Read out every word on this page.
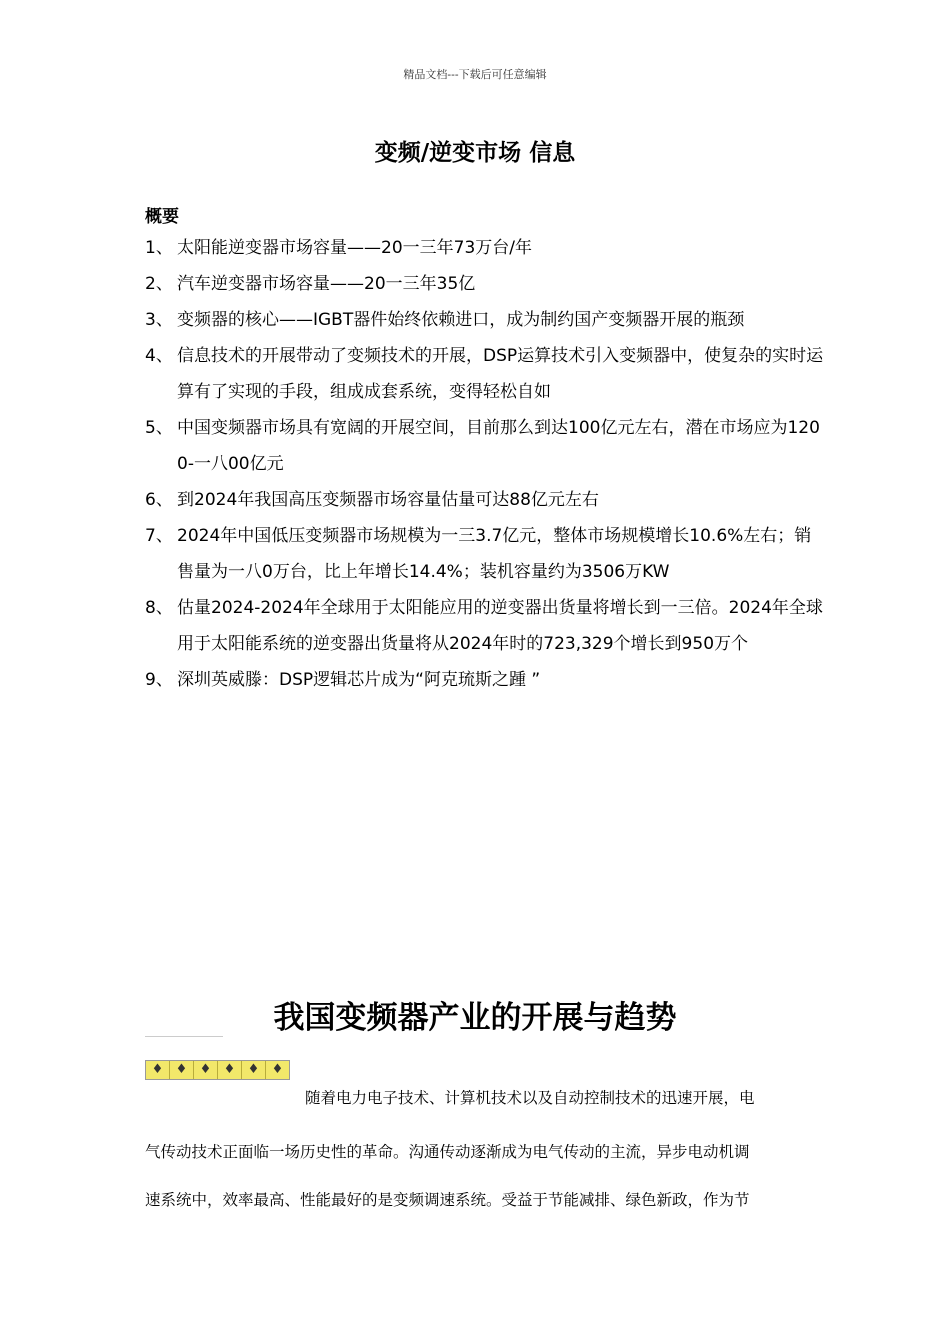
精品文档---下载后可任意编辑
变频/逆变市场 信息
概要
1、 太阳能逆变器市场容量——20一三年73万台/年
2、 汽车逆变器市场容量——20一三年35亿
3、 变频器的核心——IGBT器件始终依赖进口，成为制约国产变频器开展的瓶颈
4、 信息技术的开展带动了变频技术的开展，DSP运算技术引入变频器中，使复杂的实时运算有了实现的手段，组成成套系统，变得轻松自如
5、 中国变频器市场具有宽阔的开展空间，目前那么到达100亿元左右，潜在市场应为1200-一八00亿元
6、 到2024年我国高压变频器市场容量估量可达88亿元左右
7、 2024年中国低压变频器市场规模为一三3.7亿元，整体市场规模增长10.6%左右；销售量为一八0万台，比上年增长14.4%；装机容量约为3506万KW
8、 估量2024-2024年全球用于太阳能应用的逆变器出货量将增长到一三倍。2024年全球用于太阳能系统的逆变器出货量将从2024年时的723,329个增长到950万个
9、 深圳英威滕：DSP逻辑芯片成为“阿克琉斯之踵 ”
我国变频器产业的开展与趋势
♦ ♦ ♦ ♦ ♦ ♦
随着电力电子技术、计算机技术以及自动控制技术的迅速开展，电
气传动技术正面临一场历史性的革命。沟通传动逐渐成为电气传动的主流，异步电动机调
速系统中，效率最高、性能最好的是变频调速系统。受益于节能减排、绿色新政，作为节
